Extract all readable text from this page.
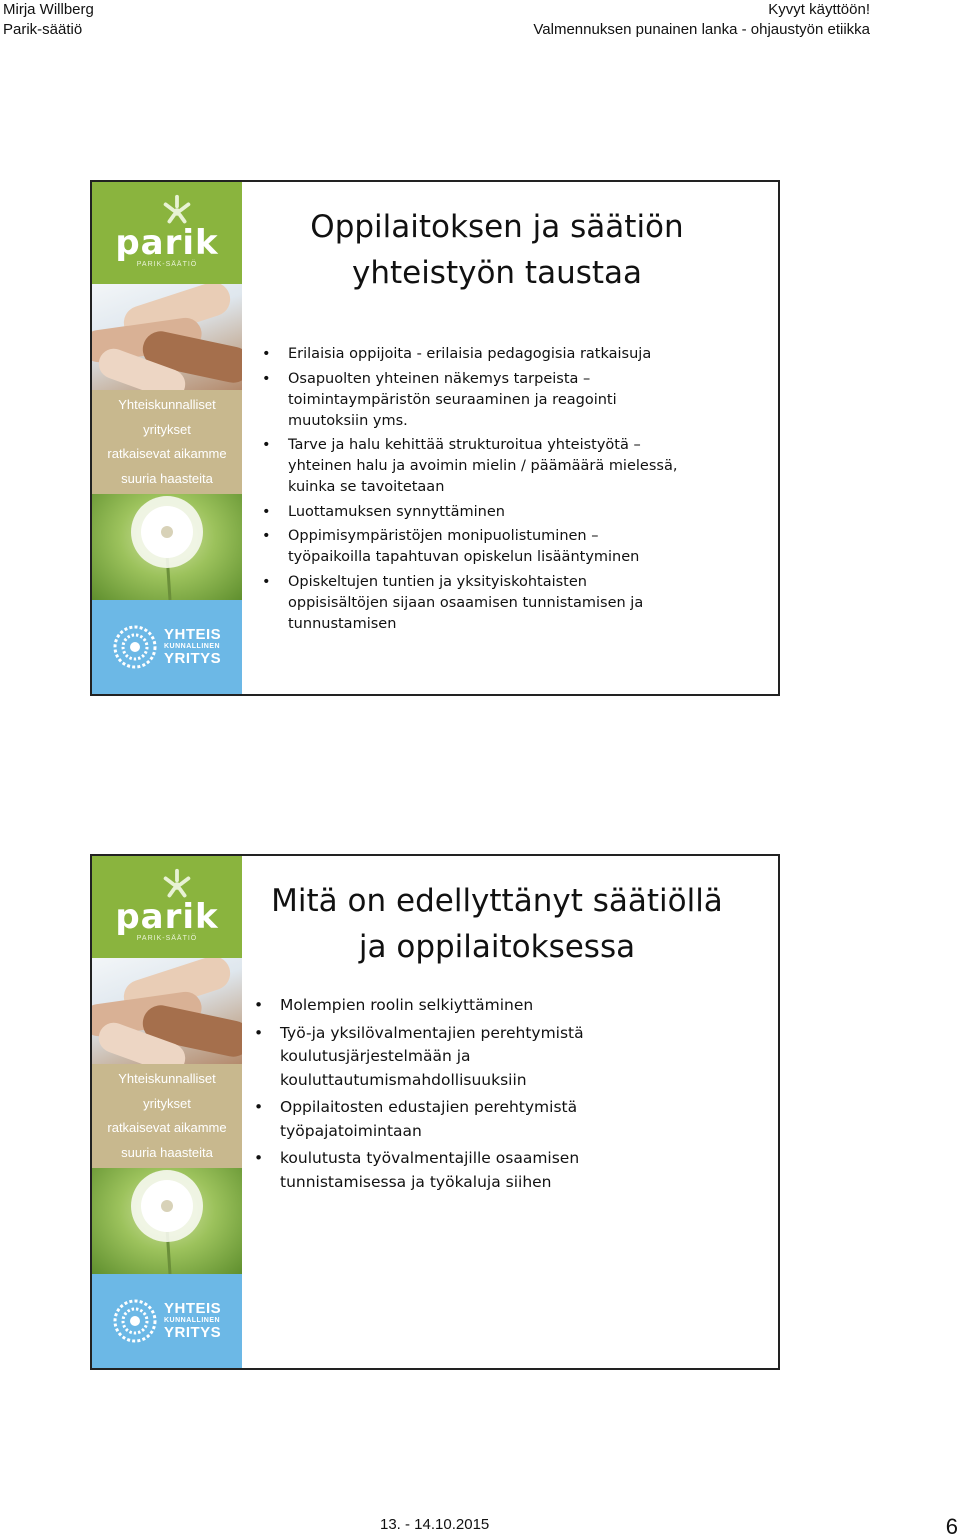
Mirja Willberg
Parik-säätiö
Kyvyt käyttöön!
Valmennuksen punainen lanka - ohjaustyön etiikka
parik
PARIK-SÄÄTIÖ
Yhteiskunnalliset
yritykset
ratkaisevat aikamme
suuria haasteita
YHTEIS
KUNNALLINEN
YRITYS
Oppilaitoksen ja säätiön
yhteistyön taustaa
• Erilaisia oppijoita - erilaisia pedagogisia ratkaisuja
• Osapuolten yhteinen näkemys tarpeista – toimintaympäristön seuraaminen ja reagointi muutoksiin yms.
• Tarve ja halu kehittää strukturoitua yhteistyötä – yhteinen halu ja avoimin mielin / päämäärä mielessä, kuinka se tavoitetaan
• Luottamuksen synnyttäminen
• Oppimisympäristöjen monipuolistuminen – työpaikoilla tapahtuvan opiskelun lisääntyminen
• Opiskeltujen tuntien ja yksityiskohtaisten oppisisältöjen sijaan osaamisen tunnistamisen ja tunnustamisen
parik
PARIK-SÄÄTIÖ
Yhteiskunnalliset
yritykset
ratkaisevat aikamme
suuria haasteita
YHTEIS
KUNNALLINEN
YRITYS
Mitä on edellyttänyt säätiöllä
ja oppilaitoksessa
• Molempien roolin selkiyttäminen
• Työ-ja yksilövalmentajien perehtymistä koulutusjärjestelmään ja kouluttautumismahdollisuuksiin
• Oppilaitosten edustajien perehtymistä työpajatoimintaan
• koulutusta työvalmentajille osaamisen tunnistamisessa ja työkaluja siihen
13. - 14.10.2015	6
